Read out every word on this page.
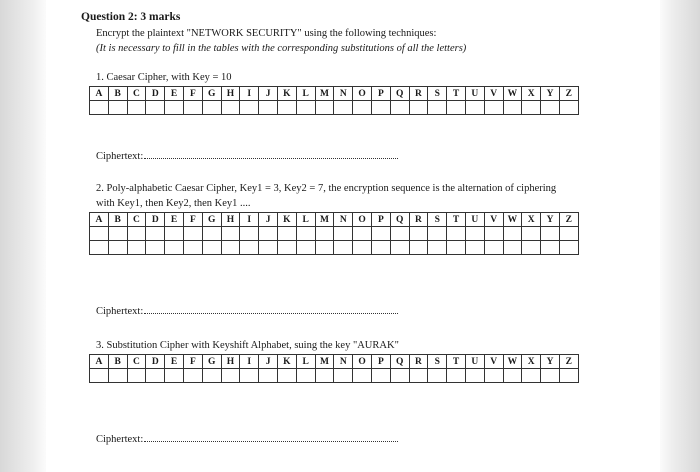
Question 2: 3 marks
Encrypt the plaintext "NETWORK SECURITY" using the following techniques:
(It is necessary to fill in the tables with the corresponding substitutions of all the letters)
1. Caesar Cipher, with Key = 10
A	B	C	D	E	F	G	H	I	J	K	L	M	N	O	P	Q	R	S	T	U	V	W	X	Y	Z

Ciphertext:
2. Poly-alphabetic Caesar Cipher, Key1 = 3, Key2 = 7, the encryption sequence is the alternation of ciphering
with Key1, then Key2, then Key1 ....
A	B	C	D	E	F	G	H	I	J	K	L	M	N	O	P	Q	R	S	T	U	V	W	X	Y	Z

Ciphertext:
3. Substitution Cipher with Keyshift Alphabet, suing the key "AURAK"
A	B	C	D	E	F	G	H	I	J	K	L	M	N	O	P	Q	R	S	T	U	V	W	X	Y	Z

Ciphertext:
